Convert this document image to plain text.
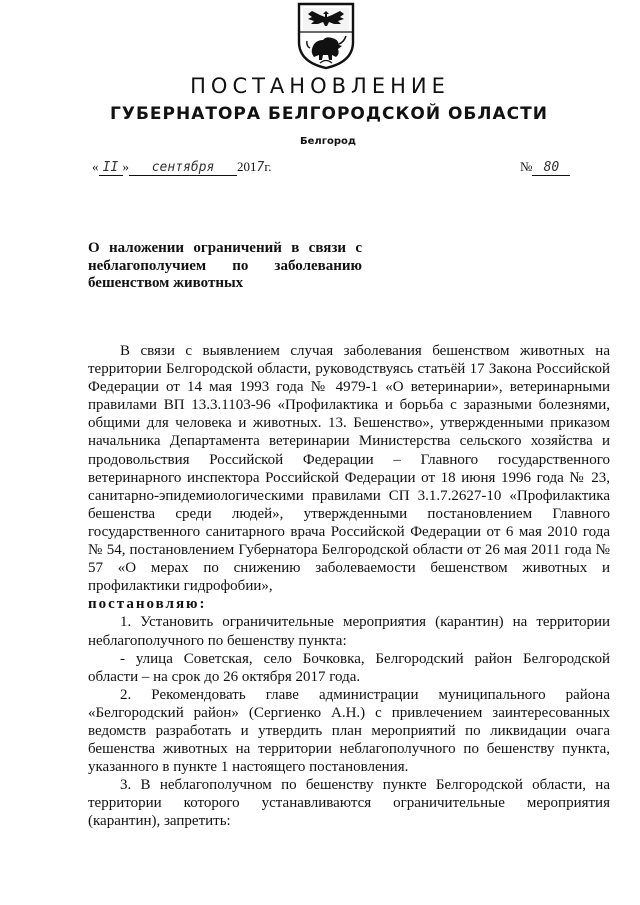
ПОСТАНОВЛЕНИЕ
ГУБЕРНАТОРА БЕЛГОРОДСКОЙ ОБЛАСТИ
Белгород
« II » сентября 2017г.	№ 80
О наложении ограничений в связи с
неблагополучием по заболеванию
бешенством животных

В связи с выявлением случая заболевания бешенством животных на территории Белгородской области, руководствуясь статьёй 17 Закона Российской Федерации от 14 мая 1993 года № 4979-1 «О ветеринарии», ветеринарными правилами ВП 13.3.1103-96 «Профилактика и борьба с заразными болезнями, общими для человека и животных. 13. Бешенство», утвержденными приказом начальника Департамента ветеринарии Министерства сельского хозяйства и продовольствия Российской Федерации – Главного государственного ветеринарного инспектора Российской Федерации от 18 июня 1996 года № 23, санитарно-эпидемиологическими правилами СП 3.1.7.2627-10 «Профилактика бешенства среди людей», утвержденными постановлением Главного государственного санитарного врача Российской Федерации от 6 мая 2010 года № 54, постановлением Губернатора Белгородской области от 26 мая 2011 года № 57 «О мерах по снижению заболеваемости бешенством животных и профилактики гидрофобии»,

постановляю:

1. Установить ограничительные мероприятия (карантин) на территории неблагополучного по бешенству пункта:

- улица Советская, село Бочковка, Белгородский район Белгородской области – на срок до 26 октября 2017 года.

2. Рекомендовать главе администрации муниципального района «Белгородский район» (Сергиенко А.Н.) с привлечением заинтересованных ведомств разработать и утвердить план мероприятий по ликвидации очага бешенства животных на территории неблагополучного по бешенству пункта, указанного в пункте 1 настоящего постановления.

3. В неблагополучном по бешенству пункте Белгородской области, на территории которого устанавливаются ограничительные мероприятия (карантин), запретить:
